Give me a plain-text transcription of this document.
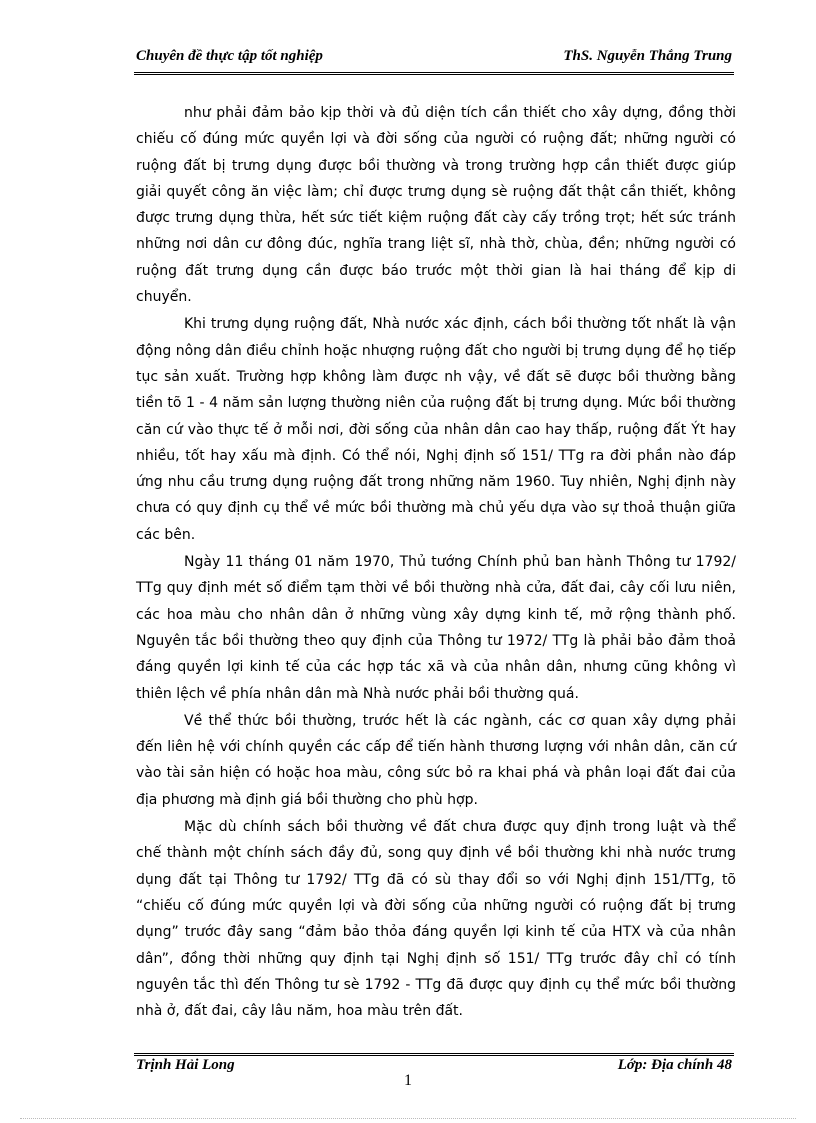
Chuyên đề thực tập tốt nghiệp	ThS. Nguyễn Thắng Trung

như phải đảm bảo kịp thời và đủ diện tích cần thiết cho xây dựng, đồng thời chiếu cố đúng mức quyền lợi và đời sống của người có ruộng đất; những người có ruộng đất bị trưng dụng được bồi thường và trong trường hợp cần thiết được giúp giải quyết công ăn việc làm; chỉ được trưng dụng sè ruộng đất thật cần thiết, không được trưng dụng thừa, hết sức tiết kiệm ruộng đất cày cấy trồng trọt; hết sức tránh những nơi dân cư đông đúc, nghĩa trang liệt sĩ, nhà thờ, chùa, đền; những người có ruộng đất trưng dụng cần được báo trước một thời gian là hai tháng để kịp di chuyển.

Khi trưng dụng ruộng đất, Nhà nước xác định, cách bồi thường tốt nhất là vận động nông dân điều chỉnh hoặc nhượng ruộng đất cho người bị trưng dụng để họ tiếp tục sản xuất. Trường hợp không làm được nh vậy, về đất sẽ được bồi thường bằng tiền tõ 1 - 4 năm sản lượng thường niên của ruộng đất bị trưng dụng. Mức bồi thường căn cứ vào thực tế ở mỗi nơi, đời sống của nhân dân cao hay thấp, ruộng đất Ýt hay nhiều, tốt hay xấu mà định. Có thể nói, Nghị định số 151/ TTg ra đời phần nào đáp ứng nhu cầu trưng dụng ruộng đất trong những năm 1960. Tuy nhiên, Nghị định này chưa có quy định cụ thể về mức bồi thường mà chủ yếu dựa vào sự thoả thuận giữa các bên.

Ngày 11 tháng 01 năm 1970, Thủ tướng Chính phủ ban hành Thông tư 1792/ TTg quy định mét số điểm tạm thời về bồi thường nhà cửa, đất đai, cây cối lưu niên, các hoa màu cho nhân dân ở những vùng xây dựng kinh tế, mở rộng thành phố. Nguyên tắc bồi thường theo quy định của Thông tư 1972/ TTg là phải bảo đảm thoả đáng quyền lợi kinh tế của các hợp tác xã và của nhân dân, nhưng cũng không vì thiên lệch về phía nhân dân mà Nhà nước phải bồi thường quá.

Về thể thức bồi thường, trước hết là các ngành, các cơ quan xây dựng phải đến liên hệ với chính quyền các cấp để tiến hành thương lượng với nhân dân, căn cứ vào tài sản hiện có hoặc hoa màu, công sức bỏ ra khai phá và phân loại đất đai của địa phương mà định giá bồi thường cho phù hợp.

Mặc dù chính sách bồi thường về đất chưa được quy định trong luật và thể chế thành một chính sách đầy đủ, song quy định về bồi thường khi nhà nước trưng dụng đất tại Thông tư 1792/ TTg đã có sù thay đổi so với Nghị định 151/TTg, tõ “chiếu cố đúng mức quyền lợi và đời sống của những người có ruộng đất bị trưng dụng” trước đây sang “đảm bảo thỏa đáng quyền lợi kinh tế của HTX và của nhân dân”, đồng thời những quy định tại Nghị định số 151/ TTg trước đây chỉ có tính nguyên tắc thì đến Thông tư sè 1792 - TTg đã được quy định cụ thể mức bồi thường nhà ở, đất đai, cây lâu năm, hoa màu trên đất.

Trịnh Hải Long	Lớp: Địa chính 48
1
